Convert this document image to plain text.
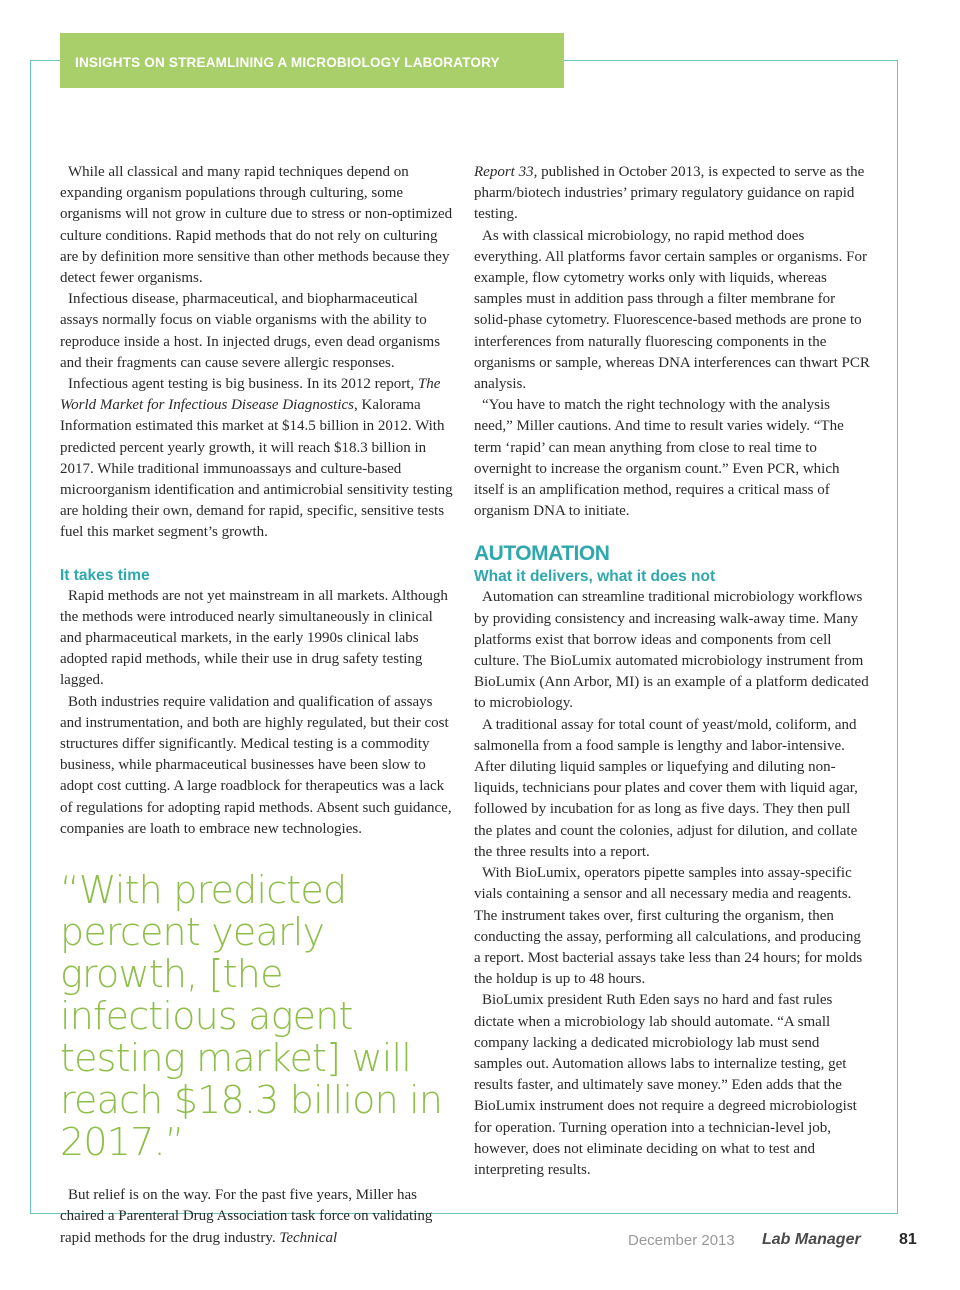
INSIGHTS ON STREAMLINING A MICROBIOLOGY LABORATORY

While all classical and many rapid techniques depend on expanding organism populations through culturing, some organisms will not grow in culture due to stress or non-optimized culture conditions. Rapid methods that do not rely on culturing are by definition more sensitive than other methods because they detect fewer organisms.

Infectious disease, pharmaceutical, and biopharmaceutical assays normally focus on viable organisms with the ability to reproduce inside a host. In injected drugs, even dead organisms and their fragments can cause severe allergic responses.

Infectious agent testing is big business. In its 2012 report, The World Market for Infectious Disease Diagnostics, Kalorama Information estimated this market at $14.5 billion in 2012. With predicted percent yearly growth, it will reach $18.3 billion in 2017. While traditional immunoassays and culture-based microorganism identification and antimicrobial sensitivity testing are holding their own, demand for rapid, specific, sensitive tests fuel this market segment’s growth.

It takes time

Rapid methods are not yet mainstream in all markets. Although the methods were introduced nearly simultaneously in clinical and pharmaceutical markets, in the early 1990s clinical labs adopted rapid methods, while their use in drug safety testing lagged.

Both industries require validation and qualification of assays and instrumentation, and both are highly regulated, but their cost structures differ significantly. Medical testing is a commodity business, while pharmaceutical businesses have been slow to adopt cost cutting. A large roadblock for therapeutics was a lack of regulations for adopting rapid methods. Absent such guidance, companies are loath to embrace new technologies.

“With predicted percent yearly growth, [the infectious agent testing market] will reach $18.3 billion in 2017.”

But relief is on the way. For the past five years, Miller has chaired a Parenteral Drug Association task force on validating rapid methods for the drug industry. Technical

Report 33, published in October 2013, is expected to serve as the pharm/biotech industries’ primary regulatory guidance on rapid testing.

As with classical microbiology, no rapid method does everything. All platforms favor certain samples or organisms. For example, flow cytometry works only with liquids, whereas samples must in addition pass through a filter membrane for solid-phase cytometry. Fluorescence-based methods are prone to interferences from naturally fluorescing components in the organisms or sample, whereas DNA interferences can thwart PCR analysis.

“You have to match the right technology with the analysis need,” Miller cautions. And time to result varies widely. “The term ‘rapid’ can mean anything from close to real time to overnight to increase the organism count.” Even PCR, which itself is an amplification method, requires a critical mass of organism DNA to initiate.

AUTOMATION
What it delivers, what it does not

Automation can streamline traditional microbiology workflows by providing consistency and increasing walk-away time. Many platforms exist that borrow ideas and components from cell culture. The BioLumix automated microbiology instrument from BioLumix (Ann Arbor, MI) is an example of a platform dedicated to microbiology.

A traditional assay for total count of yeast/mold, coliform, and salmonella from a food sample is lengthy and labor-intensive. After diluting liquid samples or liquefying and diluting non-liquids, technicians pour plates and cover them with liquid agar, followed by incubation for as long as five days. They then pull the plates and count the colonies, adjust for dilution, and collate the three results into a report.

With BioLumix, operators pipette samples into assay-specific vials containing a sensor and all necessary media and reagents. The instrument takes over, first culturing the organism, then conducting the assay, performing all calculations, and producing a report. Most bacterial assays take less than 24 hours; for molds the holdup is up to 48 hours.

BioLumix president Ruth Eden says no hard and fast rules dictate when a microbiology lab should automate. “A small company lacking a dedicated microbiology lab must send samples out. Automation allows labs to internalize testing, get results faster, and ultimately save money.” Eden adds that the BioLumix instrument does not require a degreed microbiologist for operation. Turning operation into a technician-level job, however, does not eliminate deciding on what to test and interpreting results.

December 2013 Lab Manager 81
